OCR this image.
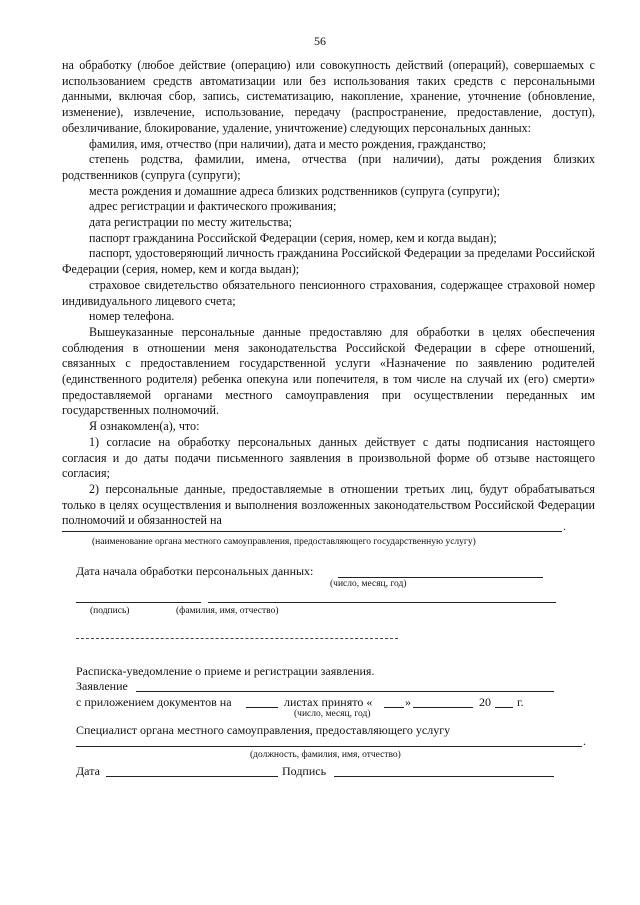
56

на обработку (любое действие (операцию) или совокупность действий (операций), совершаемых с использованием средств автоматизации или без использования таких средств с персональными данными, включая сбор, запись, систематизацию, накопление, хранение, уточнение (обновление, изменение), извлечение, использование, передачу (распространение, предоставление, доступ), обезличивание, блокирование, удаление, уничтожение) следующих персональных данных:

фамилия, имя, отчество (при наличии), дата и место рождения, гражданство;

степень родства, фамилии, имена, отчества (при наличии), даты рождения близких родственников (супруга (супруги);

места рождения и домашние адреса близких родственников (супруга (супруги);

адрес регистрации и фактического проживания;

дата регистрации по месту жительства;

паспорт гражданина Российской Федерации (серия, номер, кем и когда выдан);

паспорт, удостоверяющий личность гражданина Российской Федерации за пределами Российской Федерации (серия, номер, кем и когда выдан);

страховое свидетельство обязательного пенсионного страхования, содержащее страховой номер индивидуального лицевого счета;

номер телефона.

Вышеуказанные персональные данные предоставляю для обработки в целях обеспечения соблюдения в отношении меня законодательства Российской Федерации в сфере отношений, связанных с предоставлением государственной услуги «Назначение по заявлению родителей (единственного родителя) ребенка опекуна или попечителя, в том числе на случай их (его) смерти» предоставляемой органами местного самоуправления при осуществлении переданных им государственных полномочий.

Я ознакомлен(а), что:

1) согласие на обработку персональных данных действует с даты подписания настоящего согласия и до даты подачи письменного заявления в произвольной форме об отзыве настоящего согласия;

2) персональные данные, предоставляемые в отношении третьих лиц, будут обрабатываться только в целях осуществления и выполнения возложенных законодательством Российской Федерации полномочий и обязанностей на	.
(наименование органа местного самоуправления, предоставляющего государственную услугу)
Дата начала обработки персональных данных:
(число, месяц, год)
(подпись)	(фамилия, имя, отчество)
Расписка-уведомление о приеме и регистрации заявления.
Заявление
с приложением документов на	листах принято «	»	20 г.
(число, месяц, год)
Специалист органа местного самоуправления, предоставляющего услугу
.
(должность, фамилия, имя, отчество)
Дата	Подпись
